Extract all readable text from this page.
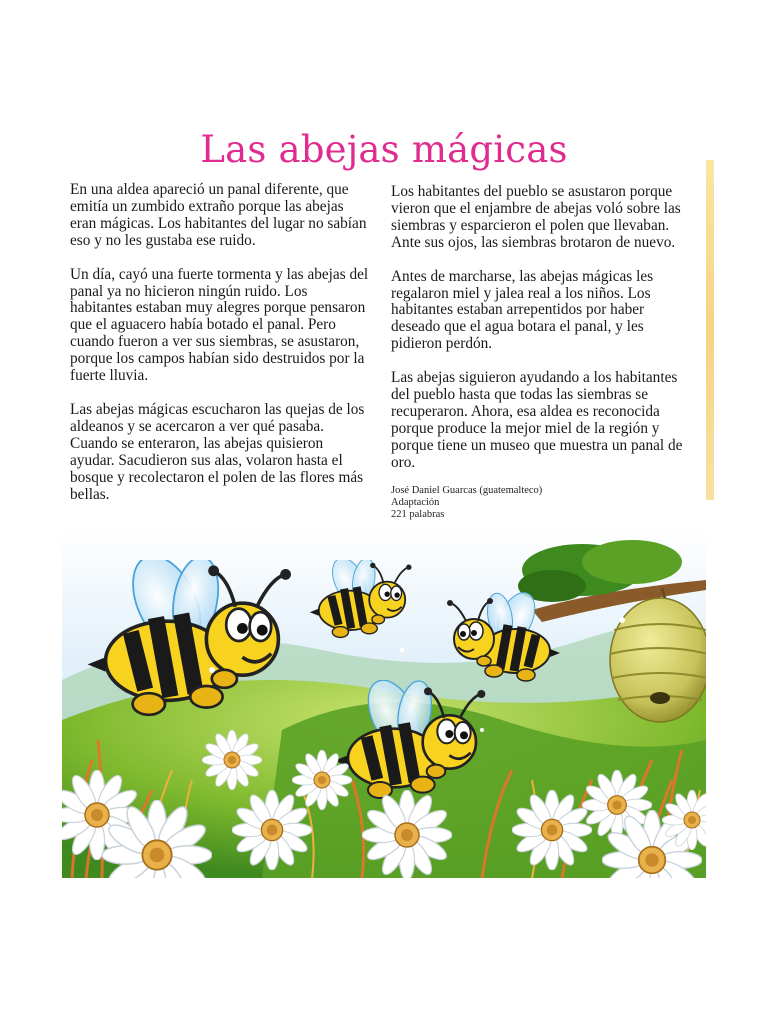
Las abejas mágicas

En una aldea apareció un panal diferente, que emitía un zumbido extraño porque las abejas eran mágicas. Los habitantes del lugar no sabían eso y no les gustaba ese ruido.

Un día, cayó una fuerte tormenta y las abejas del panal ya no hicieron ningún ruido. Los habitantes estaban muy alegres porque pensaron que el aguacero había botado el panal. Pero cuando fueron a ver sus siembras, se asustaron, porque los campos habían sido destruidos por la fuerte lluvia.

Las abejas mágicas escucharon las quejas de los aldeanos y se acercaron a ver qué pasaba. Cuando se enteraron, las abejas quisieron ayudar. Sacudieron sus alas, volaron hasta el bosque y recolectaron el polen de las flores más bellas.

Los habitantes del pueblo se asustaron porque vieron que el enjambre de abejas voló sobre las siembras y esparcieron el polen que llevaban. Ante sus ojos, las siembras brotaron de nuevo.

Antes de marcharse, las abejas mágicas les regalaron miel y jalea real a los niños. Los habitantes estaban arrepentidos por haber deseado que el agua botara el panal, y les pidieron perdón.

Las abejas siguieron ayudando a los habitantes del pueblo hasta que todas las siembras se recuperaron. Ahora, esa aldea es reconocida porque produce la mejor miel de la región y porque tiene un museo que muestra un panal de oro.

José Daniel Guarcas (guatemalteco)
Adaptación
221 palabras
